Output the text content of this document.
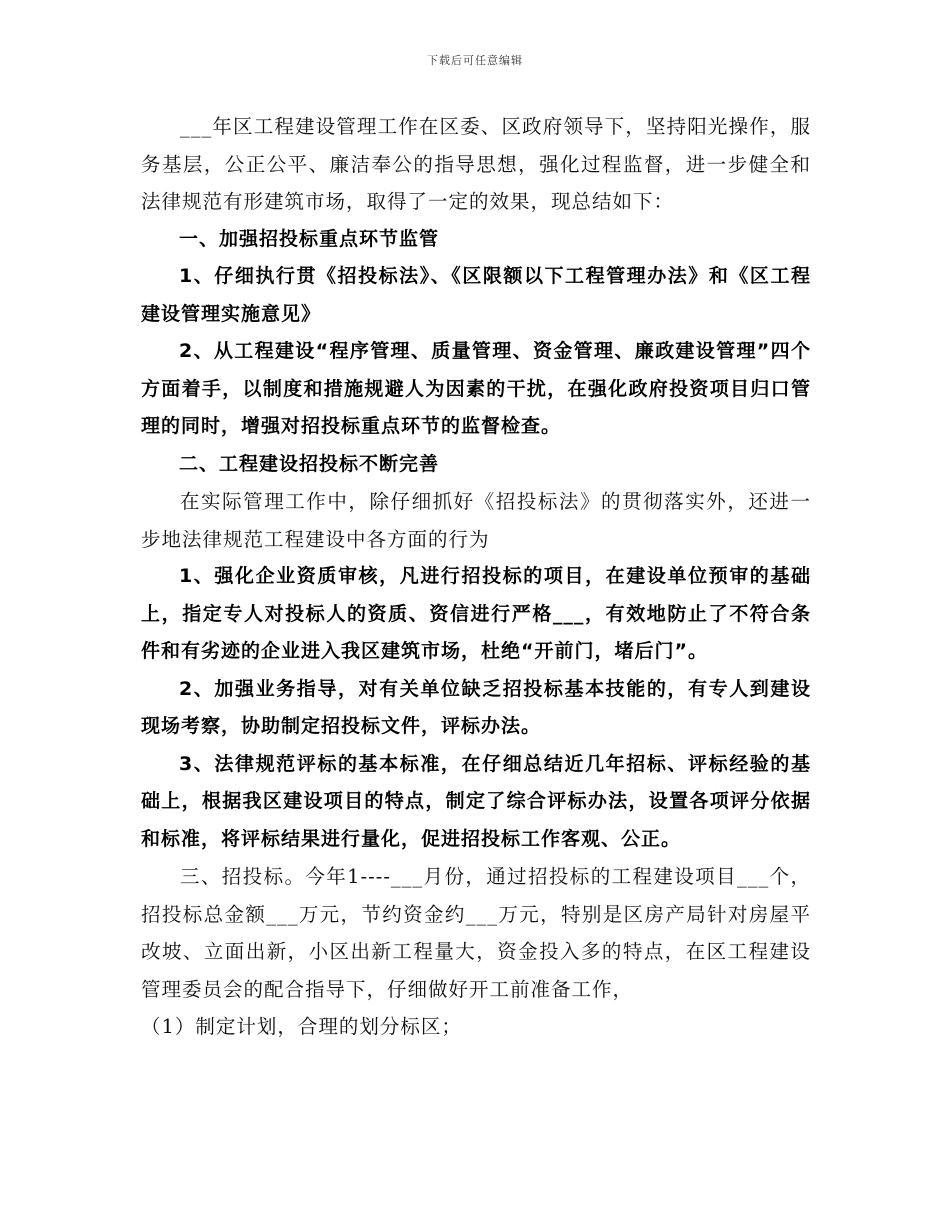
下载后可任意编辑

___年区工程建设管理工作在区委、区政府领导下，坚持阳光操作，服务基层，公正公平、廉洁奉公的指导思想，强化过程监督，进一步健全和法律规范有形建筑市场，取得了一定的效果，现总结如下：

一、加强招投标重点环节监管

1、仔细执行贯《招投标法》、《区限额以下工程管理办法》和《区工程建设管理实施意见》

2、从工程建设“程序管理、质量管理、资金管理、廉政建设管理”四个方面着手，以制度和措施规避人为因素的干扰，在强化政府投资项目归口管理的同时，增强对招投标重点环节的监督检查。

二、工程建设招投标不断完善

在实际管理工作中，除仔细抓好《招投标法》的贯彻落实外，还进一步地法律规范工程建设中各方面的行为

1、强化企业资质审核，凡进行招投标的项目，在建设单位预审的基础上，指定专人对投标人的资质、资信进行严格___，有效地防止了不符合条件和有劣迹的企业进入我区建筑市场，杜绝“开前门，堵后门”。

2、加强业务指导，对有关单位缺乏招投标基本技能的，有专人到建设现场考察，协助制定招投标文件，评标办法。

3、法律规范评标的基本标准，在仔细总结近几年招标、评标经验的基础上，根据我区建设项目的特点，制定了综合评标办法，设置各项评分依据和标准，将评标结果进行量化，促进招投标工作客观、公正。

三、招投标。今年1----___月份，通过招投标的工程建设项目___个，招投标总金额___万元，节约资金约___万元，特别是区房产局针对房屋平改坡、立面出新，小区出新工程量大，资金投入多的特点，在区工程建设管理委员会的配合指导下，仔细做好开工前准备工作，

（1）制定计划，合理的划分标区；
